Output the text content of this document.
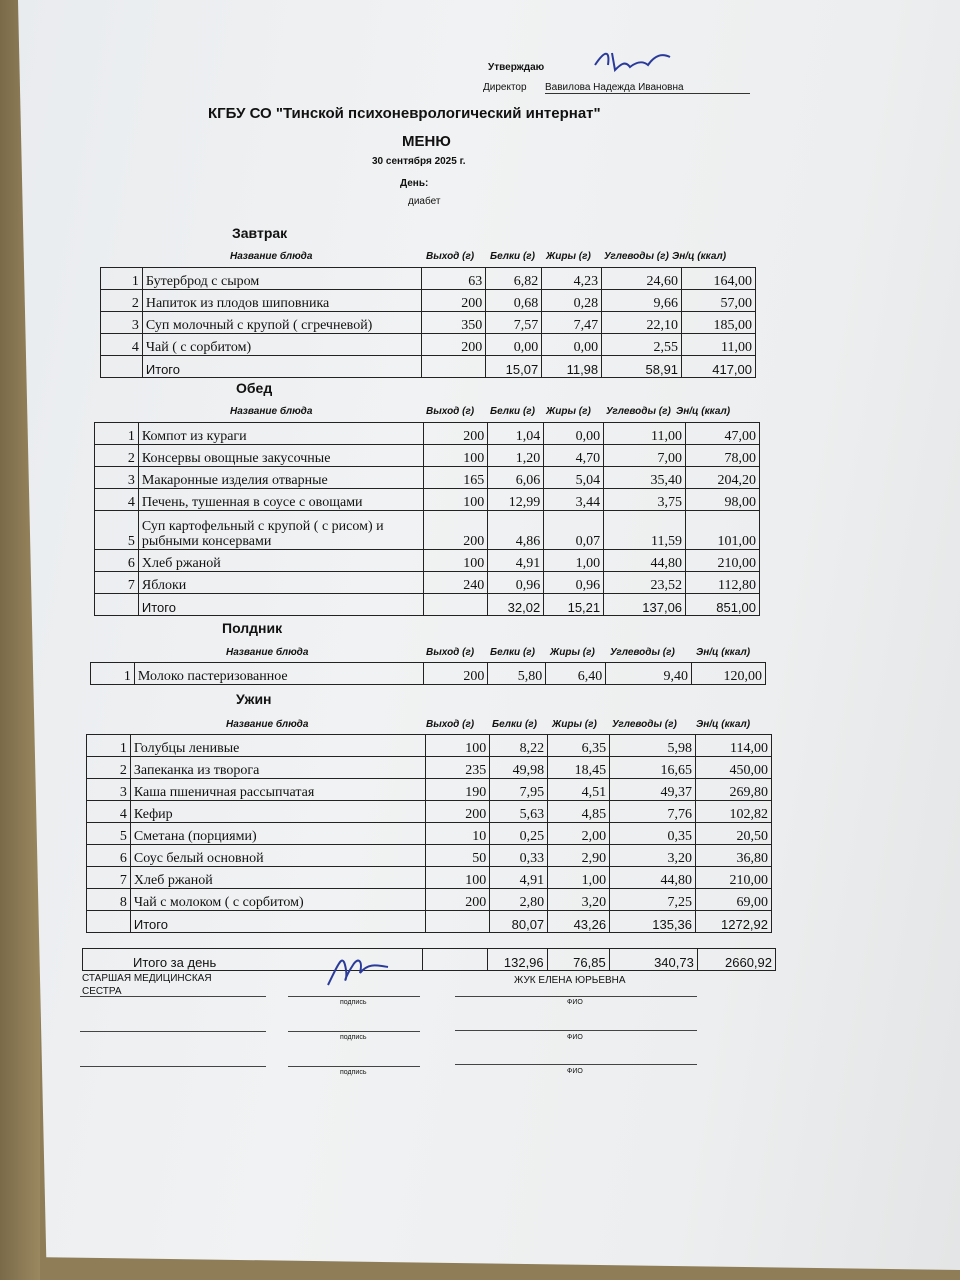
Утверждаю
Директор Вавилова Надежда Ивановна
КГБУ СО "Тинской психоневрологический интернат"
МЕНЮ
30 сентября 2025 г.
День:
диабет
Завтрак
Название блюда	Выход (г) Белки (г) Жиры (г) Углеводы (г) Эн/ц (ккал)
1	Бутерброд с сыром	63	6,82	4,23	24,60	164,00
2	Напиток из плодов шиповника	200	0,68	0,28	9,66	57,00
3	Суп молочный с крупой ( сгречневой)	350	7,57	7,47	22,10	185,00
4	Чай ( с сорбитом)	200	0,00	0,00	2,55	11,00
	Итого		15,07	11,98	58,91	417,00
Обед
Название блюда	Выход (г) Белки (г) Жиры (г) Углеводы (г) Эн/ц (ккал)
1	Компот из кураги	200	1,04	0,00	11,00	47,00
2	Консервы овощные закусочные	100	1,20	4,70	7,00	78,00
3	Макаронные изделия отварные	165	6,06	5,04	35,40	204,20
4	Печень, тушенная в соусе с овощами	100	12,99	3,44	3,75	98,00
5	Суп картофельный с крупой ( с рисом) и рыбными консервами	200	4,86	0,07	11,59	101,00
6	Хлеб ржаной	100	4,91	1,00	44,80	210,00
7	Яблоки	240	0,96	0,96	23,52	112,80
	Итого		32,02	15,21	137,06	851,00
Полдник
Название блюда	Выход (г) Белки (г) Жиры (г) Углеводы (г) Эн/ц (ккал)
1	Молоко пастеризованное	200	5,80	6,40	9,40	120,00
Ужин
Название блюда	Выход (г) Белки (г) Жиры (г) Углеводы (г) Эн/ц (ккал)
1	Голубцы ленивые	100	8,22	6,35	5,98	114,00
2	Запеканка из творога	235	49,98	18,45	16,65	450,00
3	Каша пшеничная рассыпчатая	190	7,95	4,51	49,37	269,80
4	Кефир	200	5,63	4,85	7,76	102,82
5	Сметана (порциями)	10	0,25	2,00	0,35	20,50
6	Соус белый основной	50	0,33	2,90	3,20	36,80
7	Хлеб ржаной	100	4,91	1,00	44,80	210,00
8	Чай с молоком ( с сорбитом)	200	2,80	3,20	7,25	69,00
	Итого		80,07	43,26	135,36	1272,92
Итого за день		132,96	76,85	340,73	2660,92
СТАРШАЯ МЕДИЦИНСКАЯ СЕСТРА
ЖУК ЕЛЕНА ЮРЬЕВНА
подпись	ФИО
подпись	ФИО
подпись	ФИО
